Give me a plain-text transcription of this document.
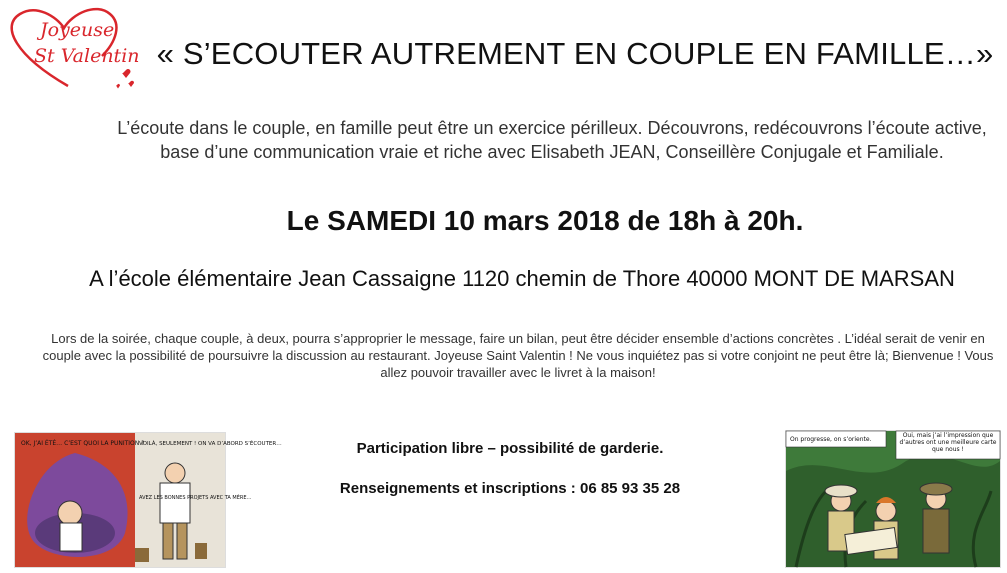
Joyeuse
St Valentin « S’ECOUTER AUTREMENT EN COUPLE EN FAMILLE…»
L’écoute dans le couple, en famille peut être un exercice périlleux. Découvrons, redécouvrons l’écoute active, base d’une communication vraie et riche avec Elisabeth JEAN, Conseillère Conjugale et Familiale.
Le SAMEDI 10 mars 2018 de 18h à 20h.
A l’école élémentaire Jean Cassaigne 1120 chemin de Thore 40000 MONT DE MARSAN
Lors de la soirée, chaque couple, à deux, pourra s’approprier le message, faire un bilan, peut être décider ensemble d’actions concrètes . L’idéal serait de venir en couple avec la possibilité de poursuivre la discussion au restaurant. Joyeuse Saint Valentin ! Ne vous inquiétez pas si votre conjoint ne peut être là; Bienvenue ! Vous allez pouvoir travailler avec le livret à la maison!
Participation libre – possibilité de garderie.
Renseignements et inscriptions : 06 85 93 35 28
OK, J’AI ÉTÉ… C’EST QUOI LA PUNITION ?
VOILÀ, SEULEMENT ! ON VA D’ABORD S’ÉCOUTER…
AVEZ LES BONNES PROJETS AVEC TA MÈRE…
On progresse, on s’oriente.
Oui, mais j’ai l’impression que d’autres ont une meilleure carte que nous !
